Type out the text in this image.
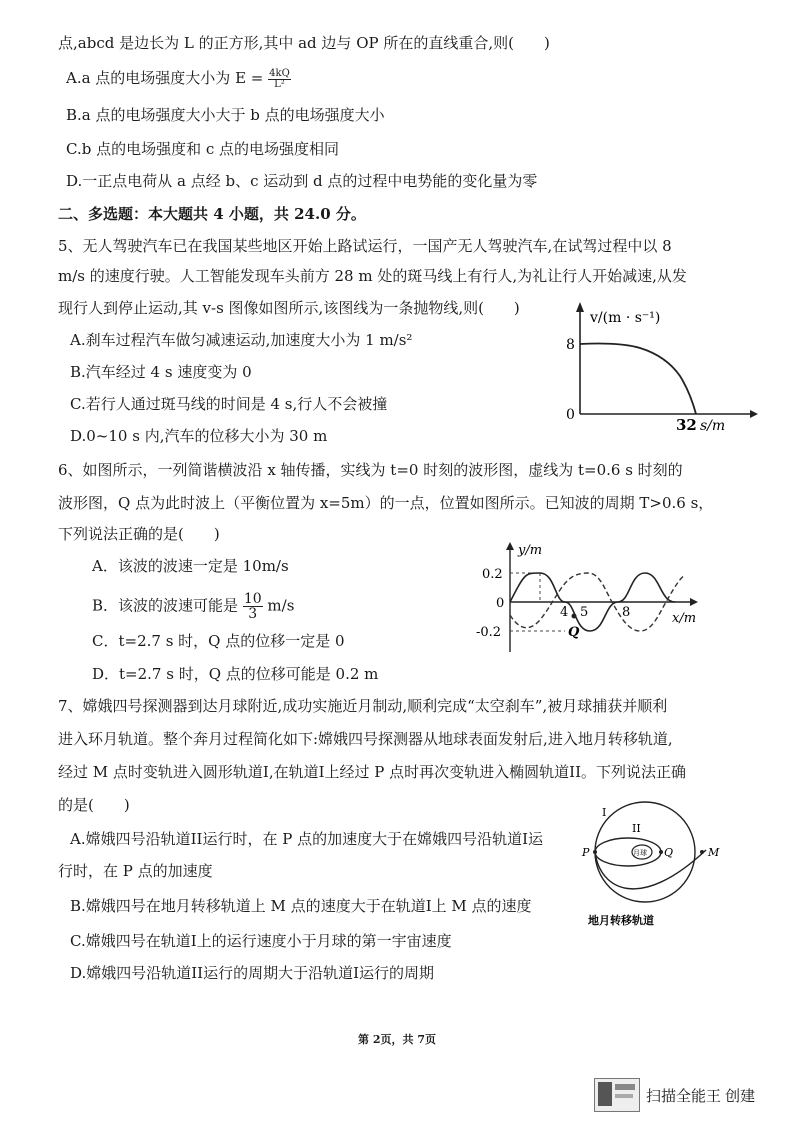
点,abcd 是边长为 L 的正方形,其中 ad 边与 OP 所在的直线重合,则(　　)
A.a 点的电场强度大小为 $E = \frac{4kQ}{\text{L²}}$
B.a 点的电场强度大小大于 b 点的电场强度大小
C.b 点的电场强度和 c 点的电场强度相同
D.一正点电荷从 a 点经 b、c 运动到 d 点的过程中电势能的变化量为零
二、多选题：本大题共 4 小题，共 24.0 分。
5、无人驾驶汽车已在我国某些地区开始上路试运行，一国产无人驾驶汽车,在试驾过程中以 8
m/s 的速度行驶。人工智能发现车头前方 28 m 处的斑马线上有行人,为礼让行人开始减速,从发
现行人到停止运动,其 v-s 图像如图所示,该图线为一条抛物线,则(　　)
A.刹车过程汽车做匀减速运动,加速度大小为 1 m/s²
B.汽车经过 4 s 速度变为 0
C.若行人通过斑马线的时间是 4 s,行人不会被撞
D.0~10 s 内,汽车的位移大小为 30 m
v/(m · s⁻¹)
8
0
32 s/m
6、如图所示，一列简谐横波沿 x 轴传播，实线为 t=0 时刻的波形图，虚线为 t=0.6 s 时刻的
波形图，Q 点为此时波上（平衡位置为 x=5m）的一点，位置如图所示。已知波的周期 T>0.6 s，
下列说法正确的是(　　)
A．该波的波速一定是 10m/s
B．该波的波速可能是 $\frac{10}{3} m/s$
C．t=2.7 s 时，Q 点的位移一定是 0
D．t=2.7 s 时，Q 点的位移可能是 0.2 m
y/m
0.2
0
-0.2
4 5	8	x/m
Q
7、嫦娥四号探测器到达月球附近,成功实施近月制动,顺利完成“太空刹车”,被月球捕获并顺利
进入环月轨道。整个奔月过程简化如下:嫦娥四号探测器从地球表面发射后,进入地月转移轨道,
经过 M 点时变轨进入圆形轨道I,在轨道I上经过 P 点时再次变轨进入椭圆轨道II。下列说法正确
的是(　　)
A.嫦娥四号沿轨道II运行时，在 P 点的加速度大于在嫦娥四号沿轨道I运
行时，在 P 点的加速度
B.嫦娥四号在地月转移轨道上 M 点的速度大于在轨道I上 M 点的速度
C.嫦娥四号在轨道I上的运行速度小于月球的第一宇宙速度
D.嫦娥四号沿轨道II运行的周期大于沿轨道I运行的周期
I
II
P	Q	M
月球
地月转移轨道
第 2页，共 7页
扫描全能王 创建
